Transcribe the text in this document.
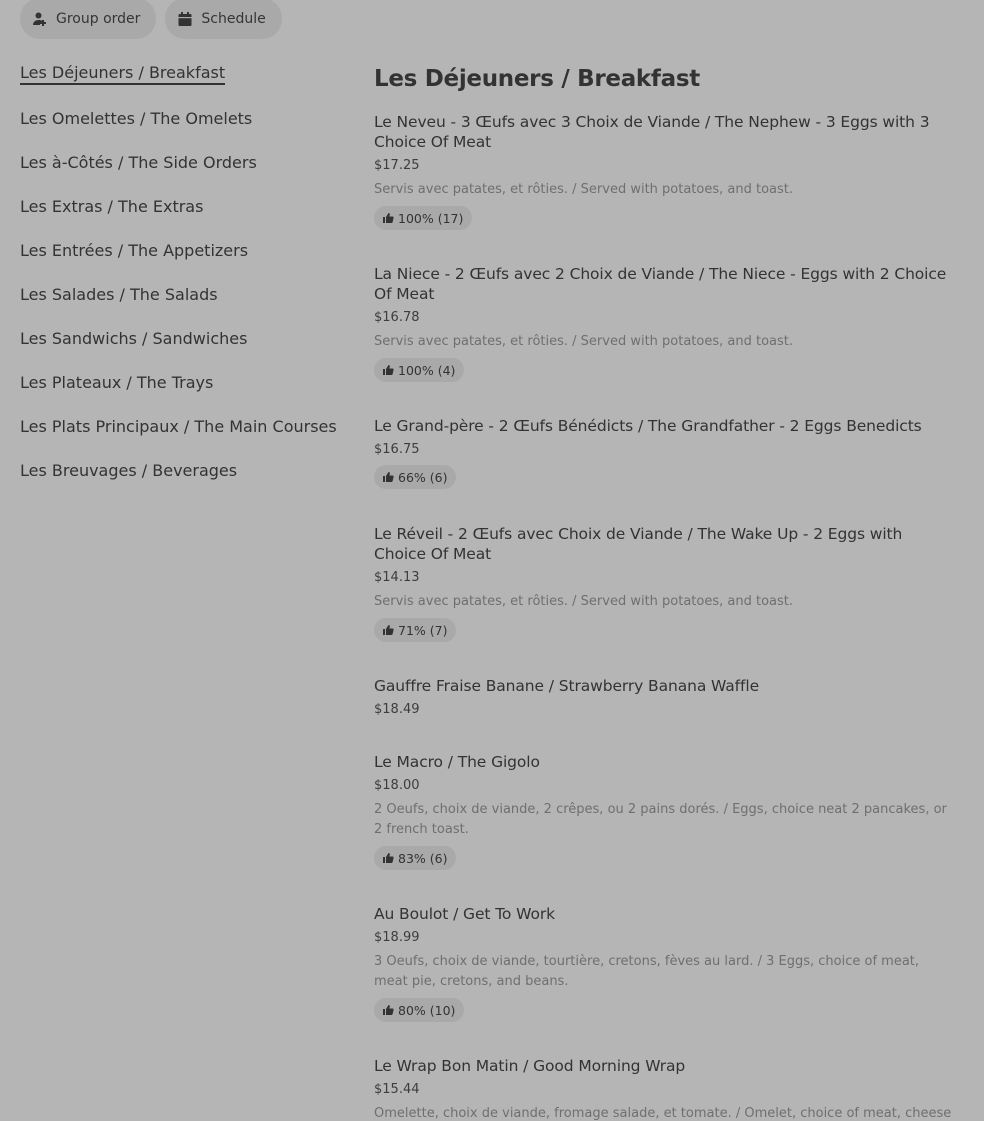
Group order	Schedule
Les Déjeuners / Breakfast
Les Omelettes / The Omelets
Les à-Côtés / The Side Orders
Les Extras / The Extras
Les Entrées / The Appetizers
Les Salades / The Salads
Les Sandwichs / Sandwiches
Les Plateaux / The Trays
Les Plats Principaux / The Main Courses
Les Breuvages / Beverages
Les Déjeuners / Breakfast
Le Neveu - 3 Œufs avec 3 Choix de Viande / The Nephew - 3 Eggs with 3 Choice Of Meat
$17.25
Servis avec patates, et rôties. / Served with potatoes, and toast.
100% (17)
La Niece - 2 Œufs avec 2 Choix de Viande / The Niece - Eggs with 2 Choice Of Meat
$16.78
Servis avec patates, et rôties. / Served with potatoes, and toast.
100% (4)
Le Grand-père - 2 Œufs Bénédicts / The Grandfather - 2 Eggs Benedicts
$16.75
66% (6)
Le Réveil - 2 Œufs avec Choix de Viande / The Wake Up - 2 Eggs with Choice Of Meat
$14.13
Servis avec patates, et rôties. / Served with potatoes, and toast.
71% (7)
Gauffre Fraise Banane / Strawberry Banana Waffle
$18.49
Le Macro / The Gigolo
$18.00
2 Oeufs, choix de viande, 2 crêpes, ou 2 pains dorés. / Eggs, choice neat 2 pancakes, or 2 french toast.
83% (6)
Au Boulot / Get To Work
$18.99
3 Oeufs, choix de viande, tourtière, cretons, fèves au lard. / 3 Eggs, choice of meat, meat pie, cretons, and beans.
80% (10)
Le Wrap Bon Matin / Good Morning Wrap
$15.44
Omelette, choix de viande, fromage salade, et tomate. / Omelet, choice of meat, cheese
